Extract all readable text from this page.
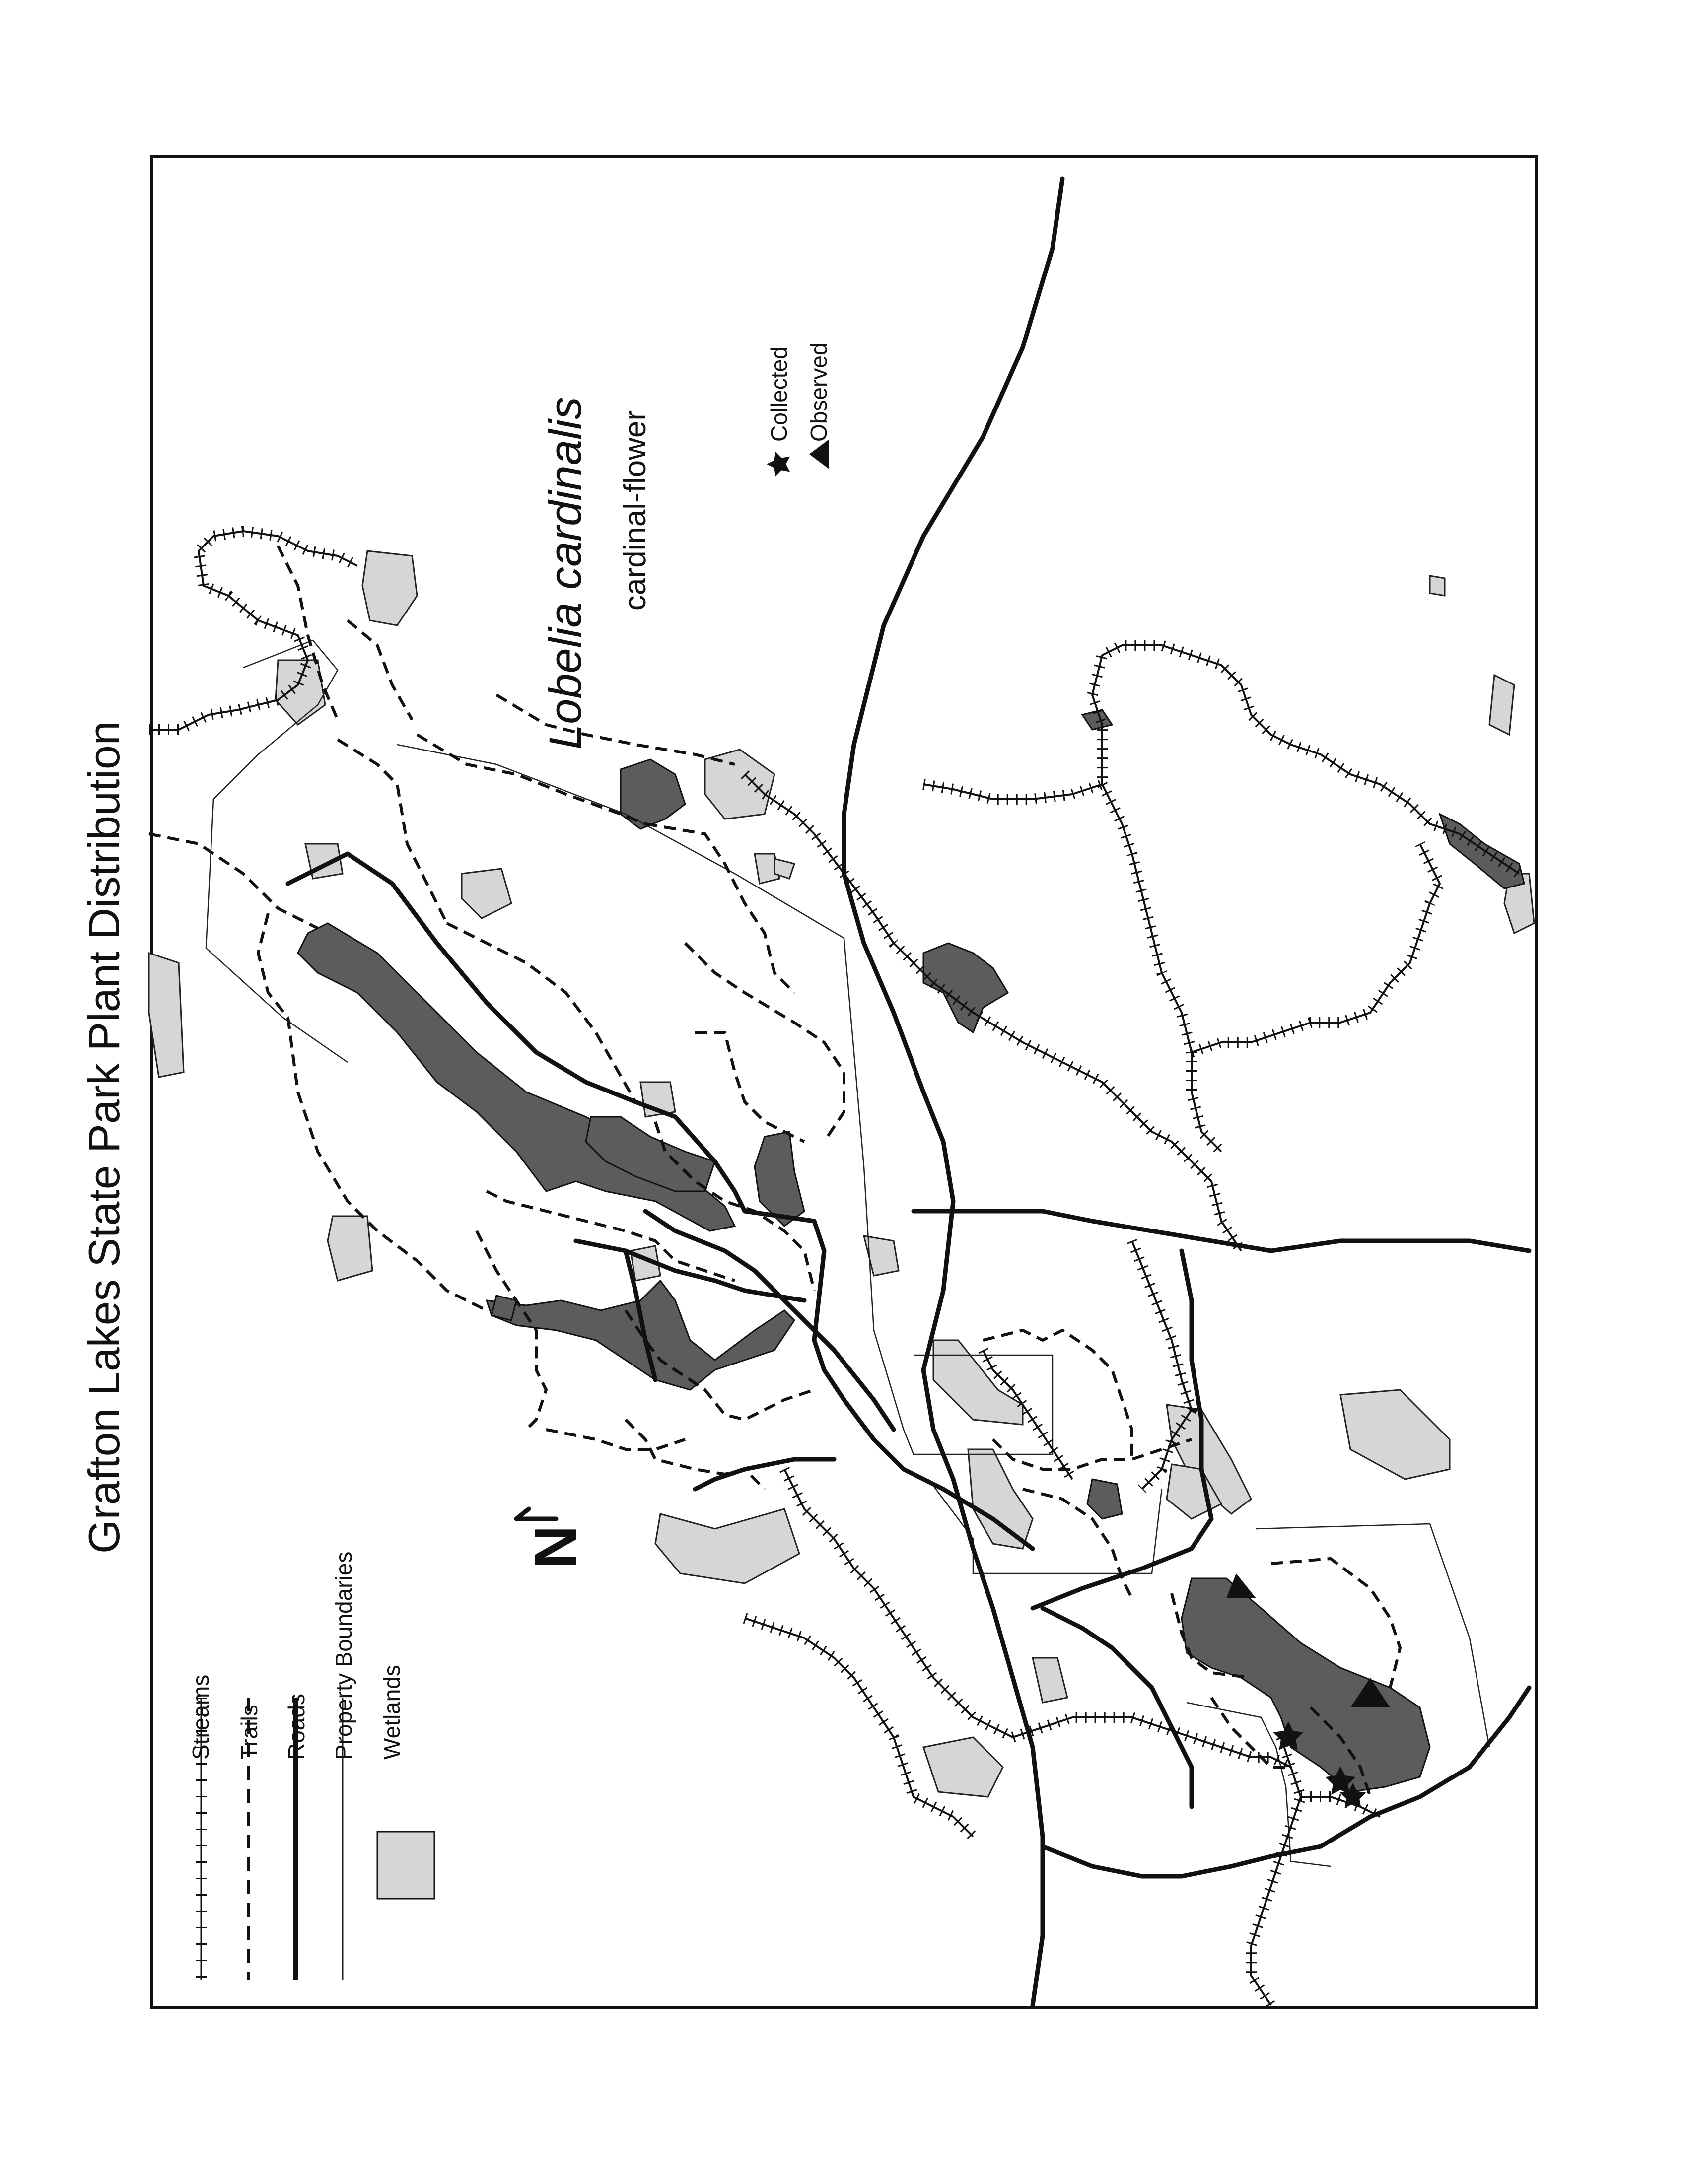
Grafton Lakes State Park Plant Distribution
Lobelia cardinalis cardinal-flower
Collected Observed
N
Streams Trails Roads Property Boundaries Wetlands
